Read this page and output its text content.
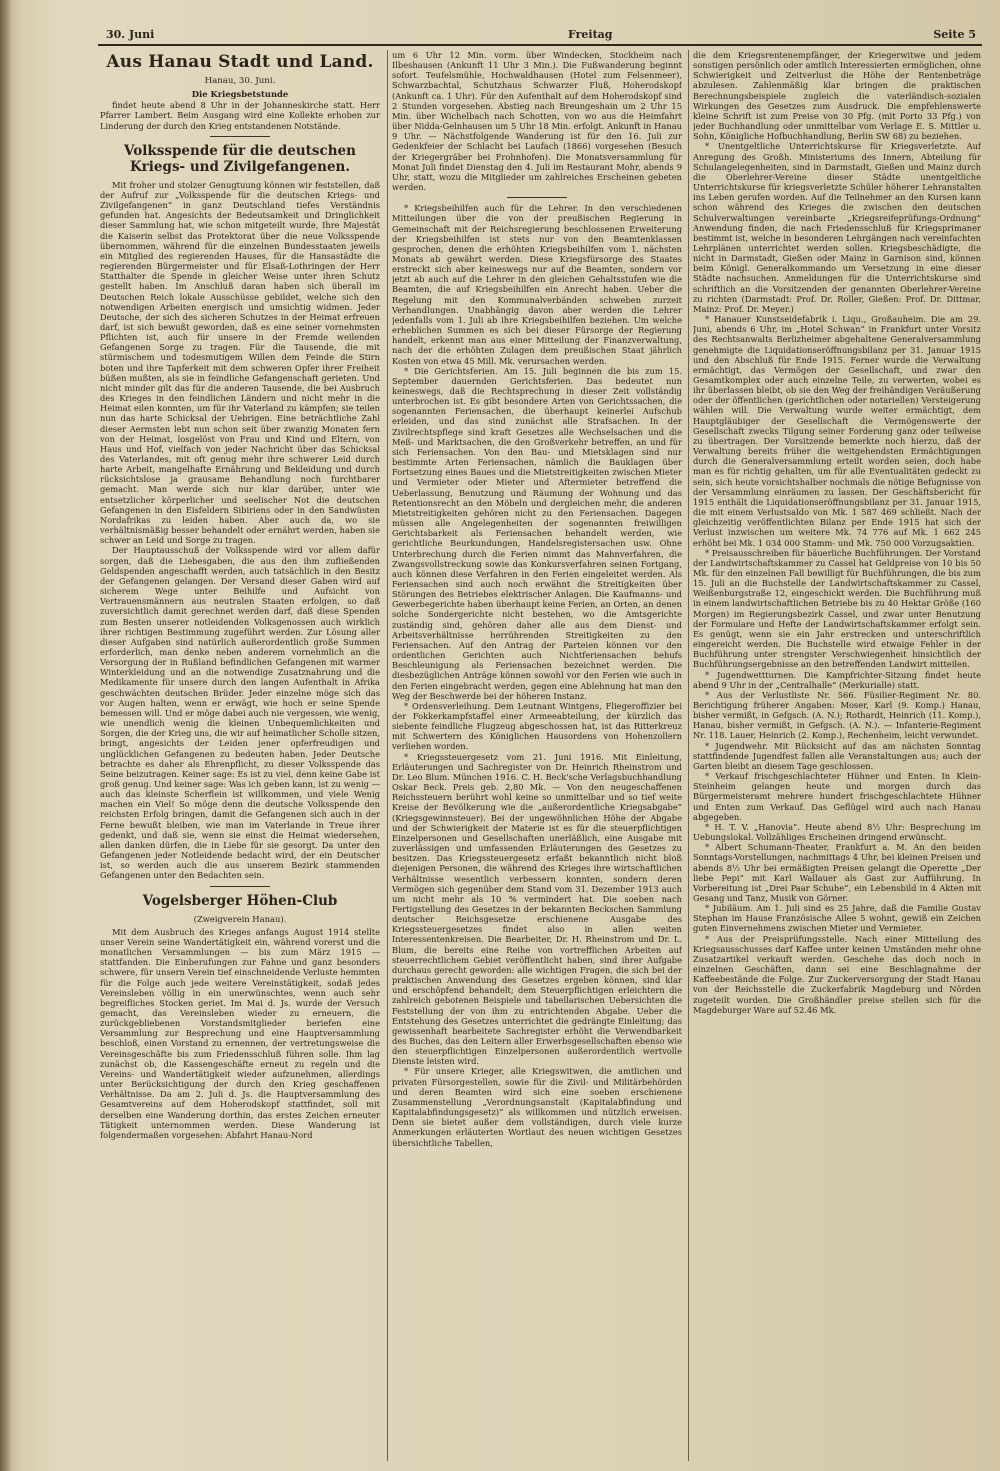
30. Juni	Freitag	Seite 5
Aus Hanau Stadt und Land.
Hanau, 30. Juni.
Die Kriegsbetstunde

findet heute abend 8 Uhr in der Johanneskirche statt. Herr Pfarrer Lambert. Beim Ausgang wird eine Kollekte erhoben zur Linderung der durch den Krieg entstandenen Notstände.

Volksspende für die deutschen Kriegs- und Zivilgefangenen.

Mit froher und stolzer Genugtuung können wir feststellen, daß der Aufruf zur „Volksspende für die deutschen Kriegs- und Zivilgefangenen“ in ganz Deutschland tiefes Verständnis gefunden hat. Angesichts der Bedeutsamkeit und Dringlichkeit dieser Sammlung hat, wie schon mitgeteilt wurde, Ihre Majestät die Kaiserin selbst das Protektorat über die neue Volksspende übernommen, während für die einzelnen Bundesstaaten jeweils ein Mitglied des regierenden Hauses, für die Hansastädte die regierenden Bürgermeister und für Elsaß-Lothringen der Herr Statthalter die Spende in gleicher Weise unter ihren Schutz gestellt haben. Im Anschluß daran haben sich überall im Deutschen Reich lokale Ausschüsse gebildet, welche sich den notwendigen Arbeiten energisch und umsichtig widmen. Jeder Deutsche, der sich des sicheren Schutzes in der Heimat erfreuen darf, ist sich bewußt geworden, daß es eine seiner vornehmsten Pflichten ist, auch für unsere in der Fremde weilenden Gefangenen Sorge zu tragen. Für die Tausende, die mit stürmischem und todesmutigem Willen dem Feinde die Stirn boten und ihre Tapferkeit mit dem schweren Opfer ihrer Freiheit büßen mußten, als sie in feindliche Gefangenschaft gerieten. Und nicht minder gilt das für die anderen Tausende, die bei Ausbruch des Krieges in den feindlichen Ländern und nicht mehr in die Heimat eilen konnten, um für ihr Vaterland zu kämpfen; sie teilen nun das harte Schicksal der Uebrigen. Eine beträchtliche Zahl dieser Aermsten lebt nun schon seit über zwanzig Monaten fern von der Heimat, losgelöst von Frau und Kind und Eltern, von Haus und Hof, vielfach von jeder Nachricht über das Schicksal des Vaterlandes, mit oft genug mehr ihre schwerer Leid durch harte Arbeit, mangelhafte Ernährung und Bekleidung und durch rücksichtslose ja grausame Behandlung noch furchtbarer gemacht. Man werde sich nur klar darüber, unter wie entsetzlicher körperlicher und seelischer Not die deutschen Gefangenen in den Eisfeldern Sibiriens oder in den Sandwüsten Nordafrikas zu leiden haben. Aber auch da, wo sie verhältnismäßig besser behandelt oder ernährt werden, haben sie schwer an Leid und Sorge zu tragen.

Der Hauptausschuß der Volksspende wird vor allem dafür sorgen, daß die Liebesgaben, die aus den ihm zufließenden Geldspenden angeschafft werden, auch tatsächlich in den Besitz der Gefangenen gelangen. Der Versand dieser Gaben wird auf sicherem Wege unter Beihilfe und Aufsicht von Vertrauensmännern aus neutralen Staaten erfolgen, so daß zuversichtlich damit gerechnet werden darf, daß diese Spenden zum Besten unserer notleidenden Volksgenossen auch wirklich ihrer richtigen Bestimmung zugeführt werden. Zur Lösung aller dieser Aufgaben sind natürlich außerordentlich große Summen erforderlich, man denke neben anderem vornehmlich an die Versorgung der in Rußland befindlichen Gefangenen mit warmer Winterkleidung und an die notwendige Zusatznahrung und die Medikamente für unsere durch den langen Aufenthalt in Afrika geschwächten deutschen Brüder. Jeder einzelne möge sich das vor Augen halten, wenn er erwägt, wie hoch er seine Spende bemessen will. Und er möge dabei auch nie vergessen, wie wenig, wie unendlich wenig die kleinen Unbequemlichkeiten und Sorgen, die der Krieg uns, die wir auf heimatlicher Scholle sitzen, bringt, angesichts der Leiden jener opferfreudigen und unglücklichen Gefangenen zu bedeuten haben. Jeder Deutsche betrachte es daher als Ehrenpflicht, zu dieser Volksspende das Seine beizutragen. Keiner sage: Es ist zu viel, denn keine Gabe ist groß genug. Und keiner sage: Was ich geben kann, ist zu wenig — auch das kleinste Scherflein ist willkommen, und viele Wenig machen ein Viel! So möge denn die deutsche Volksspende den reichsten Erfolg bringen, damit die Gefangenen sich auch in der Ferne bewußt bleiben, wie man im Vaterlande in Treue ihrer gedenkt, und daß sie, wenn sie einst die Heimat wiedersehen, allen danken dürfen, die in Liebe für sie gesorgt. Da unter den Gefangenen jeder Notleidende bedacht wird, der ein Deutscher ist, so werden auch die aus unserem Bezirk stammenden Gefangenen unter den Bedachten sein.

Vogelsberger Höhen-Club
(Zweigverein Hanau).

Mit dem Ausbruch des Krieges anfangs August 1914 stellte unser Verein seine Wandertätigkeit ein, während vorerst und die monatlichen Versammlungen — bis zum März 1915 — stattfanden. Die Einberufungen zur Fahne und ganz besonders schwere, für unsern Verein tief einschneidende Verluste hemmten für die Folge auch jede weitere Vereinstätigkeit, sodaß jedes Vereinsleben völlig in ein unerwünschtes, wenn auch sehr begreifliches Stocken geriet. Im Mai d. Js. wurde der Versuch gemacht, das Vereinsleben wieder zu erneuern, die zurückgebliebenen Vorstandsmitglieder beriefen eine Versammlung zur Besprechung und eine Hauptversammlung beschloß, einen Vorstand zu ernennen, der vertretungsweise die Vereinsgeschäfte bis zum Friedensschluß führen solle. Ihm lag zunächst ob, die Kassengeschäfte erneut zu regeln und die Vereins- und Wandertätigkeit wieder aufzunehmen, allerdings unter Berücksichtigung der durch den Krieg geschaffenen Verhältnisse. Da am 2. Juli d. Js. die Hauptversammlung des Gesamtvereins auf dem Hoherodskopf stattfindet, soll mit derselben eine Wanderung dorthin, das erstes Zeichen erneuter Tätigkeit unternommen werden. Diese Wanderung ist folgendermaßen vorgesehen: Abfahrt Hanau-Nord

um 6 Uhr 12 Min. vorm. über Windecken, Stockheim nach Ilbeshausen (Ankunft 11 Uhr 3 Min.). Die Fußwanderung beginnt sofort. Teufelsmühle, Hochwaldhausen (Hotel zum Felsenmeer), Schwarzbachtal, Schutzhaus Schwarzer Fluß, Hoherodskopf (Ankunft ca. 1 Uhr). Für den Aufenthalt auf dem Hoherodskopf sind 2 Stunden vorgesehen. Abstieg nach Breungeshain um 2 Uhr 15 Min. über Wichelbach nach Schotten, von wo aus die Heimfahrt über Nidda-Gelnhausen um 5 Uhr 18 Min. erfolgt. Ankunft in Hanau 9 Uhr. — Nächstfolgende Wanderung ist für den 16. Juli zur Gedenkfeier der Schlacht bei Laufach (1866) vorgesehen (Besuch der Kriegergräber bei Frohnhofen). Die Monatsversammlung für Monat Juli findet Dienstag den 4. Juli im Restaurant Mohr, abends 9 Uhr, statt, wozu die Mitglieder um zahlreiches Erscheinen gebeten werden.

* Kriegsbeihilfen auch für die Lehrer. In den verschiedenen Mitteilungen über die von der preußischen Regierung in Gemeinschaft mit der Reichsregierung beschlossenen Erweiterung der Kriegsbeihilfen ist stets nur von den Beamtenklassen gesprochen, denen die erhöhten Kriegsbeihilfen vom 1. nächsten Monats ab gewährt werden. Diese Kriegsfürsorge des Staates erstreckt sich aber keineswegs nur auf die Beamten, sondern vor jetzt ab auch auf die Lehrer in den gleichen Gehaltsstufen wie die Beamten, die auf Kriegsbeihilfen ein Anrecht haben. Ueber die Regelung mit den Kommunalverbänden schweben zurzeit Verhandlungen. Unabhängig davon aber werden die Lehrer jedenfalls vom 1. Juli ab ihre Kriegsbeihilfen beziehen. Um welche erheblichen Summen es sich bei dieser Fürsorge der Regierung handelt, erkennt man aus einer Mitteilung der Finanzverwaltung, nach der die erhöhten Zulagen dem preußischen Staat jährlich Kosten von etwa 45 Mill. Mk. verursachen werden.

* Die Gerichtsferien. Am 15. Juli beginnen die bis zum 15. September dauernden Gerichtsferien. Das bedeutet nun keineswegs, daß die Rechtsprechung in dieser Zeit vollständig unterbrochen ist. Es gibt besondere Arten von Gerichtssachen, die sogenannten Feriensachen, die überhaupt keinerlei Aufschub erleiden, und das sind zunächst alle Strafsachen. In der Zivilrechtspflege sind kraft Gesetzes alle Wechselsachen und die Meß- und Marktsachen, die den Großverkehr betreffen, an und für sich Feriensachen. Von den Bau- und Mietsklagen sind nur bestimmte Arten Feriensachen, nämlich die Bauklagen über Fortsetzung eines Baues und die Mietstreitigkeiten zwischen Mieter und Vermieter oder Mieter und Aftermieter betreffend die Ueberlassung, Benutzung und Räumung der Wohnung und das Retentionsrecht an den Möbeln und dergleichen mehr, die anderen Mietstreitigkeiten gehören nicht zu den Feriensachen. Dagegen müssen alle Angelegenheiten der sogenannten freiwilligen Gerichtsbarkeit als Feriensachen behandelt werden, wie gerichtliche Beurkundungen, Handelsregistersachen usw. Ohne Unterbrechung durch die Ferien nimmt das Mahnverfahren, die Zwangsvollstreckung sowie das Konkursverfahren seinen Fortgang, auch können diese Verfahren in den Ferien eingeleitet werden. Als Feriensachen sind auch noch erwähnt die Streitigkeiten über Störungen des Betriebes elektrischer Anlagen. Die Kaufmanns- und Gewerbegerichte haben überhaupt keine Ferien, an Orten, an denen solche Sondergerichte nicht bestehen, wo die Amtsgerichte zuständig sind, gehören daher alle aus dem Dienst- und Arbeitsverhältnisse herrührenden Streitigkeiten zu den Feriensachen. Auf den Antrag der Parteien können vor den ordentlichen Gerichten auch Nichtferiensachen behufs Beschleunigung als Feriensachen bezeichnet werden. Die diesbezüglichen Anträge können sowohl vor den Ferien wie auch in den Ferien eingebracht werden, gegen eine Ablehnung hat man den Weg der Beschwerde bei der höheren Instanz.

* Ordensverleihung. Dem Leutnant Wintgens, Fliegeroffizier bei der Fokkerkampfstaffel einer Armeeabteilung, der kürzlich das siebente feindliche Flugzeug abgeschossen hat, ist das Ritterkreuz mit Schwertern des Königlichen Hausordens von Hohenzollern verliehen worden.

* Kriegssteuergesetz vom 21. Juni 1916. Mit Einleitung, Erläuterungen und Sachregister von Dr. Heinrich Rheinstrom und Dr. Leo Blum. München 1916. C. H. Beck'sche Verlagsbuchhandlung Oskar Beck. Preis geb. 2,80 Mk. — Von den neugeschaffenen Reichssteuern berührt wohl keine so unmittelbar und so tief weite Kreise der Bevölkerung wie die „außerordentliche Kriegsabgabe“ (Kriegsgewinnsteuer). Bei der ungewöhnlichen Höhe der Abgabe und der Schwierigkeit der Materie ist es für die steuerpflichtigen Einzelpersonen und Gesellschaften unerläßlich, eine Ausgabe mit zuverlässigen und umfassenden Erläuterungen des Gesetzes zu besitzen. Das Kriegssteuergesetz erfaßt bekanntlich nicht bloß diejenigen Personen, die während des Krieges ihre wirtschaftlichen Verhältnisse wesentlich verbessern konnten, sondern deren Vermögen sich gegenüber dem Stand vom 31. Dezember 1913 auch um nicht mehr als 10 % vermindert hat. Die soeben nach Fertigstellung des Gesetzes in der bekannten Beckschen Sammlung deutscher Reichsgesetze erschienene Ausgabe des Kriegssteuergesetzes findet also in allen weiten Interessentenkreisen. Die Bearbeiter, Dr. H. Rheinstrom und Dr. L. Blum, die bereits eine Reihe von vortrefflichen Arbeiten auf steuerrechtlichem Gebiet veröffentlicht haben, sind ihrer Aufgabe durchaus gerecht geworden: alle wichtigen Fragen, die sich bei der praktischen Anwendung des Gesetzes ergeben können, sind klar und erschöpfend behandelt; dem Steuerpflichtigen erleichtern die zahlreich gebotenen Beispiele und tabellarischen Uebersichten die Feststellung der von ihm zu entrichtenden Abgabe. Ueber die Entstehung des Gesetzes unterrichtet die gedrängte Einleitung; das gewissenhaft bearbeitete Sachregister erhöht die Verwendbarkeit des Buches, das den Leitern aller Erwerbsgesellschaften ebenso wie den steuerpflichtigen Einzelpersonen außerordentlich wertvolle Dienste leisten wird.

* Für unsere Krieger, alle Kriegswitwen, die amtlichen und privaten Fürsorgestellen, sowie für die Zivil- und Militärbehörden und deren Beamten wird sich eine soeben erschienene Zusammenstellung „Verordnungsanstalt (Kapitalabfindung und Kapitalabfindungsgesetz)“ als willkommen und nützlich erweisen. Denn sie bietet außer dem vollständigen, durch viele kurze Anmerkungen erläuterten Wortlaut des neuen wichtigen Gesetzes übersichtliche Tabellen,

die dem Kriegsrentenempfänger, der Kriegerwitwe und jedem sonstigen persönlich oder amtlich Interessierten ermöglichen, ohne Schwierigkeit und Zeitverlust die Höhe der Rentenbeträge abzulesen. Zahlenmäßig klar bringen die praktischen Berechnungsbeispiele zugleich die vaterländisch-sozialen Wirkungen des Gesetzes zum Ausdruck. Die empfehlenswerte kleine Schrift ist zum Preise von 30 Pfg. (mit Porto 33 Pfg.) von jeder Buchhandlung oder unmittelbar vom Verlage E. S. Mittler u. Sohn, Königliche Hofbuchhandlung, Berlin SW 68) zu beziehen.

* Unentgeltliche Unterrichtskurse für Kriegsverletzte. Auf Anregung des Großh. Ministeriums des Innern, Abteilung für Schulangelegenheiten, sind in Darmstadt, Gießen und Mainz durch die Oberlehrer-Vereine dieser Städte unentgeltliche Unterrichtskurse für kriegsverletzte Schüler höherer Lehranstalten ins Leben gerufen worden. Auf die Teilnehmer an den Kursen kann schon während des Krieges die zwischen den deutschen Schulverwaltungen vereinbarte „Kriegsreifeprüfungs-Ordnung“ Anwendung finden, die nach Friedensschluß für Kriegsprimaner bestimmt ist, welche in besonderen Lehrgängen nach vereinfachten Lehrplänen unterrichtet werden sollen. Kriegsbeschädigte, die nicht in Darmstadt, Gießen oder Mainz in Garnison sind, können beim Königl. Generalkommando um Versetzung in eine dieser Städte nachsuchen. Anmeldungen für die Unterrichtskurse sind schriftlich an die Vorsitzenden der genannten Oberlehrer-Vereine zu richten (Darmstadt: Prof. Dr. Roller, Gießen: Prof. Dr. Dittmar, Mainz: Prof. Dr. Meyer.)

* Hanauer Kunstseidefabrik i. Liqu., Großauheim. Die am 29. Juni, abends 6 Uhr, im „Hotel Schwan“ in Frankfurt unter Vorsitz des Rechtsanwalts Berlizheimer abgehaltene Generalversammlung genehmigte die Liquidationseröffnungsbilanz per 31. Januar 1915 und den Abschluß für Ende 1915. Ferner wurde die Verwaltung ermächtigt, das Vermögen der Gesellschaft, und zwar den Gesamtkomplex oder auch einzelne Teile, zu verwerten, wobei es ihr überlassen bleibt, ob sie den Weg der freihändigen Veräußerung oder der öffentlichen (gerichtlichen oder notariellen) Versteigerung wählen will. Die Verwaltung wurde weiter ermächtigt, dem Hauptgläubiger der Gesellschaft die Vermögenswerte der Gesellschaft zwecks Tilgung seiner Forderung ganz oder teilweise zu übertragen. Der Vorsitzende bemerkte noch hierzu, daß der Verwaltung bereits früher die weitgehendsten Ermächtigungen durch die Generalversammlung erteilt worden seien, doch habe man es für richtig gehalten, um für alle Eventualitäten gedeckt zu sein, sich heute vorsichtshalber nochmals die nötige Befugnisse von der Versammlung einräumen zu lassen. Der Geschäftsbericht für 1915 enthält die Liquidationseröffnungsbilanz per 31. Januar 1915, die mit einem Verlustsaldo von Mk. 1 587 469 schließt. Nach der gleichzeitig veröffentlichten Bilanz per Ende 1915 hat sich der Verlust inzwischen um weitere Mk. 74 776 auf Mk. 1 662 245 erhöht bei Mk. 1 034 000 Stamm- und Mk. 750 000 Vorzugsaktien.

* Preisausschreiben für bäuerliche Buchführungen. Der Vorstand der Landwirtschaftskammer zu Cassel hat Geldpreise von 10 bis 50 Mk. für den einzelnen Fall bewilligt für Buchführungen, die bis zum 15. Juli an die Buchstelle der Landwirtschaftskammer zu Cassel, Weißenburgstraße 12, eingeschickt werden. Die Buchführung muß in einem landwirtschaftlichen Betriebe bis zu 40 Hektar Größe (160 Morgen) im Regierungsbezirk Cassel, und zwar unter Benutzung der Formulare und Hefte der Landwirtschaftskammer erfolgt sein. Es genügt, wenn sie ein Jahr erstrecken und unterschriftlich eingereicht werden. Die Buchstelle wird etwaige Fehler in der Buchführung unter strengster Verschwiegenheit hinsichtlich der Buchführungsergebnisse an den betreffenden Landwirt mitteilen.

* Jugendwettturnen. Die Kampfrichter-Sitzung findet heute abend 9 Uhr in der „Centralhalle“ (Merkurialle) statt.

* Aus der Verlustliste Nr. 566. Füsilier-Regiment Nr. 80. Berichtigung früherer Angaben: Moser, Karl (9. Komp.) Hanau, bisher vermißt, in Gefgsch. (A. N.); Rothardt, Heinrich (11. Komp.), Hanau, bisher vermißt, in Gefgsch. (A. N.). — Infanterie-Regiment Nr. 118. Lauer, Heinrich (2. Komp.), Rechenheim, leicht verwundet.

* Jugendwehr. Mit Rücksicht auf das am nächsten Sonntag stattfindende Jugendfest fallen alle Veranstaltungen aus; auch der Garten bleibt an diesem Tage geschlossen.

* Verkauf frischgeschlachteter Hühner und Enten. In Klein-Steinheim gelangen heute und morgen durch das Bürgermeisteramt mehrere hundert frischgeschlachtete Hühner und Enten zum Verkauf. Das Geflügel wird auch nach Hanau abgegeben.

* H. T. V. „Hanovia“. Heute abend 8½ Uhr: Besprechung im Uebungslokal. Vollzähliges Erscheinen dringend erwünscht.

* Albert Schumann-Theater, Frankfurt a. M. An den beiden Sonntags-Vorstellungen, nachmittags 4 Uhr, bei kleinen Preisen und abends 8½ Uhr bei ermäßigten Preisen gelangt die Operette „Der liebe Pepi“ mit Karl Wallauer als Gast zur Aufführung. In Vorbereitung ist „Drei Paar Schuhe“, ein Lebensbild in 4 Akten mit Gesang und Tanz, Musik von Görner.

* Jubiläum. Am 1. Juli sind es 25 Jahre, daß die Familie Gustav Stephan im Hause Französische Allee 5 wohnt, gewiß ein Zeichen guten Einvernehmens zwischen Mieter und Vermieter.

* Aus der Preisprüfungsstelle. Nach einer Mitteilung des Kriegsausschusses darf Kaffee unter keinen Umständen mehr ohne Zusatzartikel verkauft werden. Geschehe das doch noch in einzelnen Geschäften, dann sei eine Beschlagnahme der Kaffeebestände die Folge. Zur Zuckerversorgung der Stadt Hanau von der Reichsstelle die Zuckerfabrik Magdeburg und Nörden zugeteilt worden. Die Großhändler preise stellen sich für die Magdeburger Ware auf 52.46 Mk.
